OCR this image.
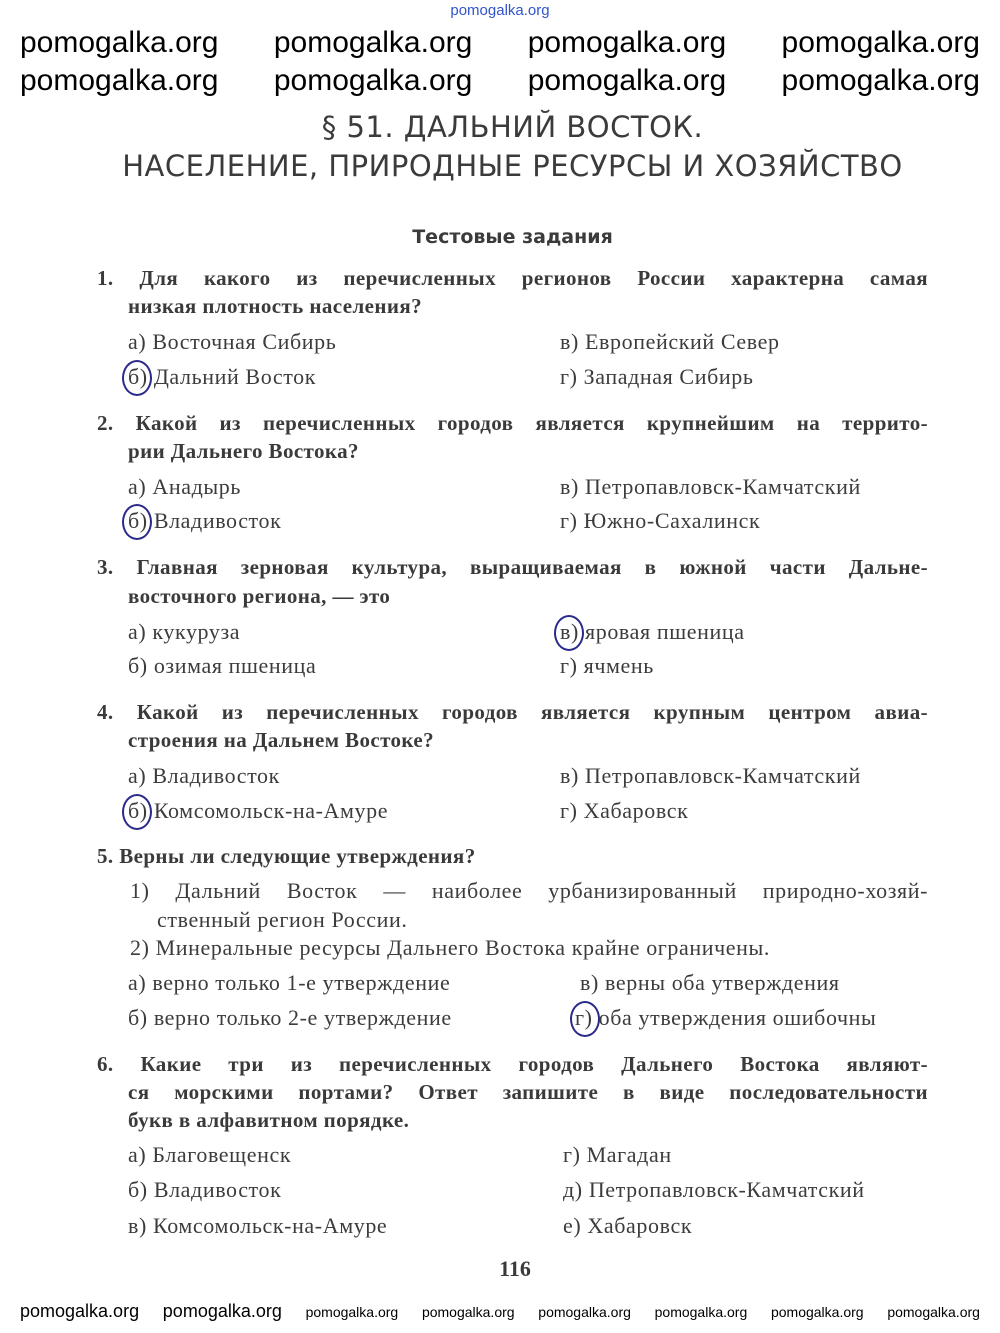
pomogalka.org
pomogalka.org pomogalka.org pomogalka.org pomogalka.org
pomogalka.org pomogalka.org pomogalka.org pomogalka.org
§ 51. ДАЛЬНИЙ ВОСТОК.
НАСЕЛЕНИЕ, ПРИРОДНЫЕ РЕСУРСЫ И ХОЗЯЙСТВО
Тестовые задания
1. Для какого из перечисленных регионов России характерна самая
низкая плотность населения?
а) Восточная Сибирь
б) Дальний Восток
в) Европейский Север
г) Западная Сибирь
2. Какой из перечисленных городов является крупнейшим на террито-
рии Дальнего Востока?
а) Анадырь
б) Владивосток
в) Петропавловск-Камчатский
г) Южно-Сахалинск
3. Главная зерновая культура, выращиваемая в южной части Дальне-
восточного региона, — это
а) кукуруза
б) озимая пшеница
в) яровая пшеница
г) ячмень
4. Какой из перечисленных городов является крупным центром авиа-
строения на Дальнем Востоке?
а) Владивосток
б) Комсомольск-на-Амуре
в) Петропавловск-Камчатский
г) Хабаровск
5. Верны ли следующие утверждения?
1) Дальний Восток — наиболее урбанизированный природно-хозяй-
ственный регион России.
2) Минеральные ресурсы Дальнего Востока крайне ограничены.
а) верно только 1-е утверждение
б) верно только 2-е утверждение
в) верны оба утверждения
г) оба утверждения ошибочны
6. Какие три из перечисленных городов Дальнего Востока являют-
ся морскими портами? Ответ запишите в виде последовательности
букв в алфавитном порядке.
а) Благовещенск
б) Владивосток
в) Комсомольск-на-Амуре
г) Магадан
д) Петропавловск-Камчатский
е) Хабаровск
116
pomogalka.org pomogalka.org pomogalka.org pomogalka.org pomogalka.org pomogalka.org pomogalka.org pomogalka.org
